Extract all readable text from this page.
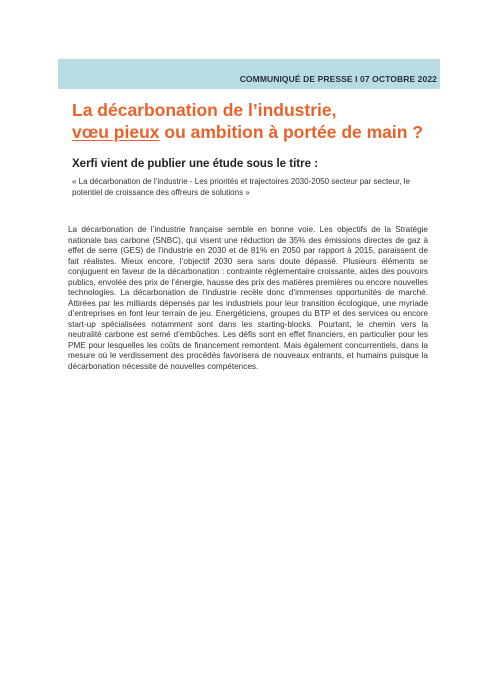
COMMUNIQUÉ DE PRESSE I 07 OCTOBRE 2022
La décarbonation de l’industrie,
vœu pieux ou ambition à portée de main ?
Xerfi vient de publier une étude sous le titre :
« La décarbonation de l’industrie - Les priorités et trajectoires 2030-2050 secteur par secteur, le potentiel de croissance des offreurs de solutions »
La décarbonation de l’industrie française semble en bonne voie. Les objectifs de la Stratégie nationale bas carbone (SNBC), qui visent une réduction de 35% des émissions directes de gaz à effet de serre (GES) de l’industrie en 2030 et de 81% en 2050 par rapport à 2015, paraissent de fait réalistes. Mieux encore, l’objectif 2030 sera sans doute dépassé. Plusieurs éléments se conjuguent en faveur de la décarbonation : contrainte réglementaire croissante, aides des pouvoirs publics, envolée des prix de l’énergie, hausse des prix des matières premières ou encore nouvelles technologies. La décarbonation de l’industrie recèle donc d’immenses opportunités de marché. Attirées par les milliards dépensés par les industriels pour leur transition écologique, une myriade d’entreprises en font leur terrain de jeu. Energéticiens, groupes du BTP et des services ou encore start-up spécialisées notamment sont dans les starting-blocks. Pourtant, le chemin vers la neutralité carbone est semé d’embûches. Les défis sont en effet financiers, en particulier pour les PME pour lesquelles les coûts de financement remontent. Mais également concurrentiels, dans la mesure où le verdissement des procédés favorisera de nouveaux entrants, et humains puisque la décarbonation nécessite de nouvelles compétences.
